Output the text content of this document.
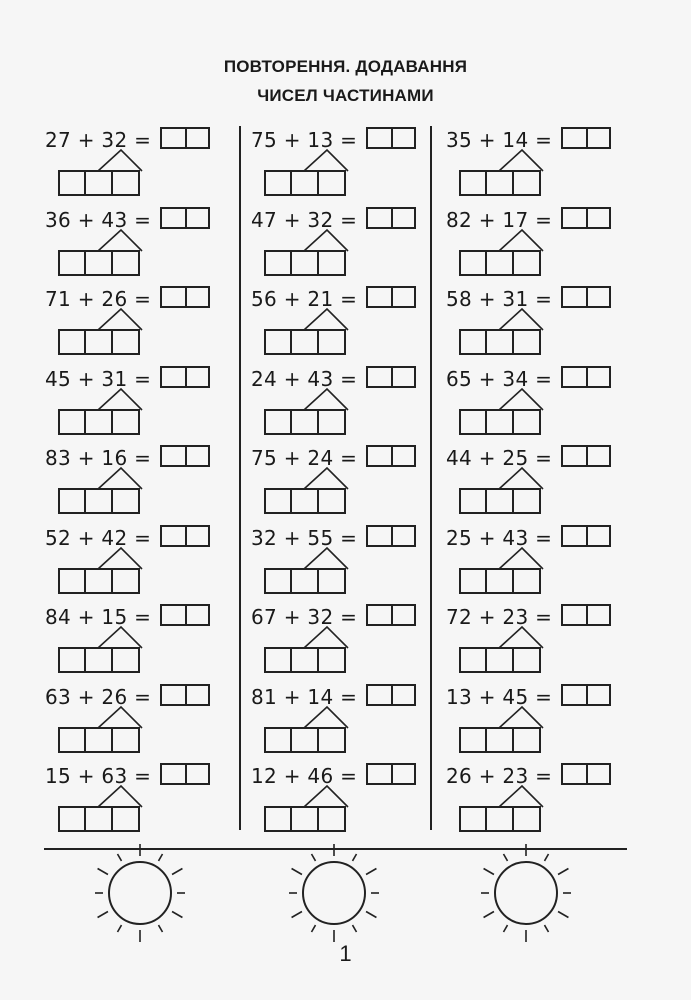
ПОВТОРЕННЯ. ДОДАВАННЯ
ЧИСЕЛ ЧАСТИНАМИ
27 + 32 =
36 + 43 =
71 + 26 =
45 + 31 =
83 + 16 =
52 + 42 =
84 + 15 =
63 + 26 =
15 + 63 =
75 + 13 =
47 + 32 =
56 + 21 =
24 + 43 =
75 + 24 =
32 + 55 =
67 + 32 =
81 + 14 =
12 + 46 =
35 + 14 =
82 + 17 =
58 + 31 =
65 + 34 =
44 + 25 =
25 + 43 =
72 + 23 =
13 + 45 =
26 + 23 =
1
